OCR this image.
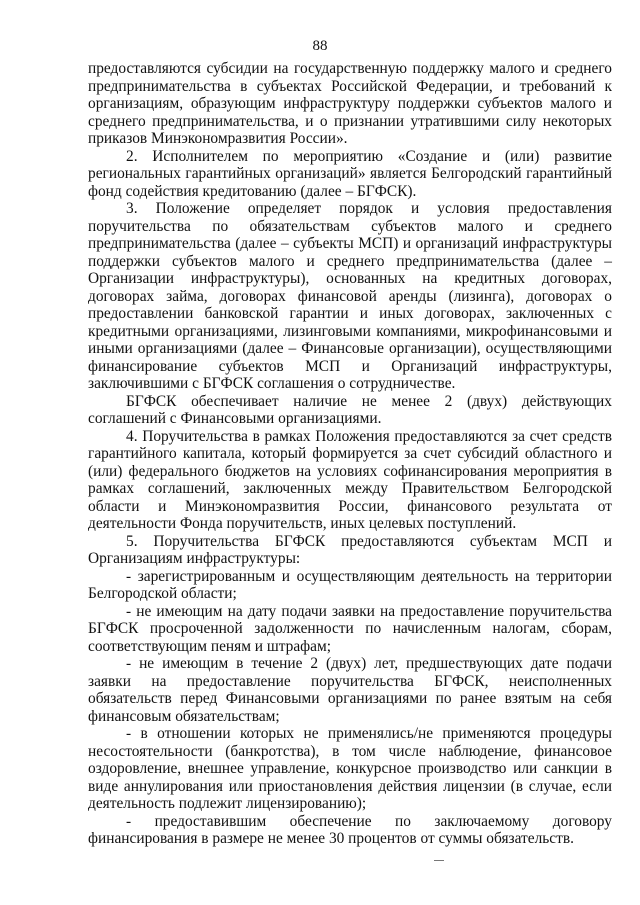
88

предоставляются субсидии на государственную поддержку малого и среднего предпринимательства в субъектах Российской Федерации, и требований к организациям, образующим инфраструктуру поддержки субъектов малого и среднего предпринимательства, и о признании утратившими силу некоторых приказов Минэкономразвития России».

2. Исполнителем по мероприятию «Создание и (или) развитие региональных гарантийных организаций» является Белгородский гарантийный фонд содействия кредитованию (далее – БГФСК).

3. Положение определяет порядок и условия предоставления поручительства по обязательствам субъектов малого и среднего предпринимательства (далее – субъекты МСП) и организаций инфраструктуры поддержки субъектов малого и среднего предпринимательства (далее – Организации инфраструктуры), основанных на кредитных договорах, договорах займа, договорах финансовой аренды (лизинга), договорах о предоставлении банковской гарантии и иных договорах, заключенных с кредитными организациями, лизинговыми компаниями, микрофинансовыми и иными организациями (далее – Финансовые организации), осуществляющими финансирование субъектов МСП и Организаций инфраструктуры, заключившими с БГФСК соглашения о сотрудничестве.

БГФСК обеспечивает наличие не менее 2 (двух) действующих соглашений с Финансовыми организациями.

4. Поручительства в рамках Положения предоставляются за счет средств гарантийного капитала, который формируется за счет субсидий областного и (или) федерального бюджетов на условиях софинансирования мероприятия в рамках соглашений, заключенных между Правительством Белгородской области и Минэкономразвития России, финансового результата от деятельности Фонда поручительств, иных целевых поступлений.

5. Поручительства БГФСК предоставляются субъектам МСП и Организациям инфраструктуры:

- зарегистрированным и осуществляющим деятельность на территории Белгородской области;

- не имеющим на дату подачи заявки на предоставление поручительства БГФСК просроченной задолженности по начисленным налогам, сборам, соответствующим пеням и штрафам;

- не имеющим в течение 2 (двух) лет, предшествующих дате подачи заявки на предоставление поручительства БГФСК, неисполненных обязательств перед Финансовыми организациями по ранее взятым на себя финансовым обязательствам;

- в отношении которых не применялись/не применяются процедуры несостоятельности (банкротства), в том числе наблюдение, финансовое оздоровление, внешнее управление, конкурсное производство или санкции в виде аннулирования или приостановления действия лицензии (в случае, если деятельность подлежит лицензированию);

- предоставившим обеспечение по заключаемому договору финансирования в размере не менее 30 процентов от суммы обязательств.
